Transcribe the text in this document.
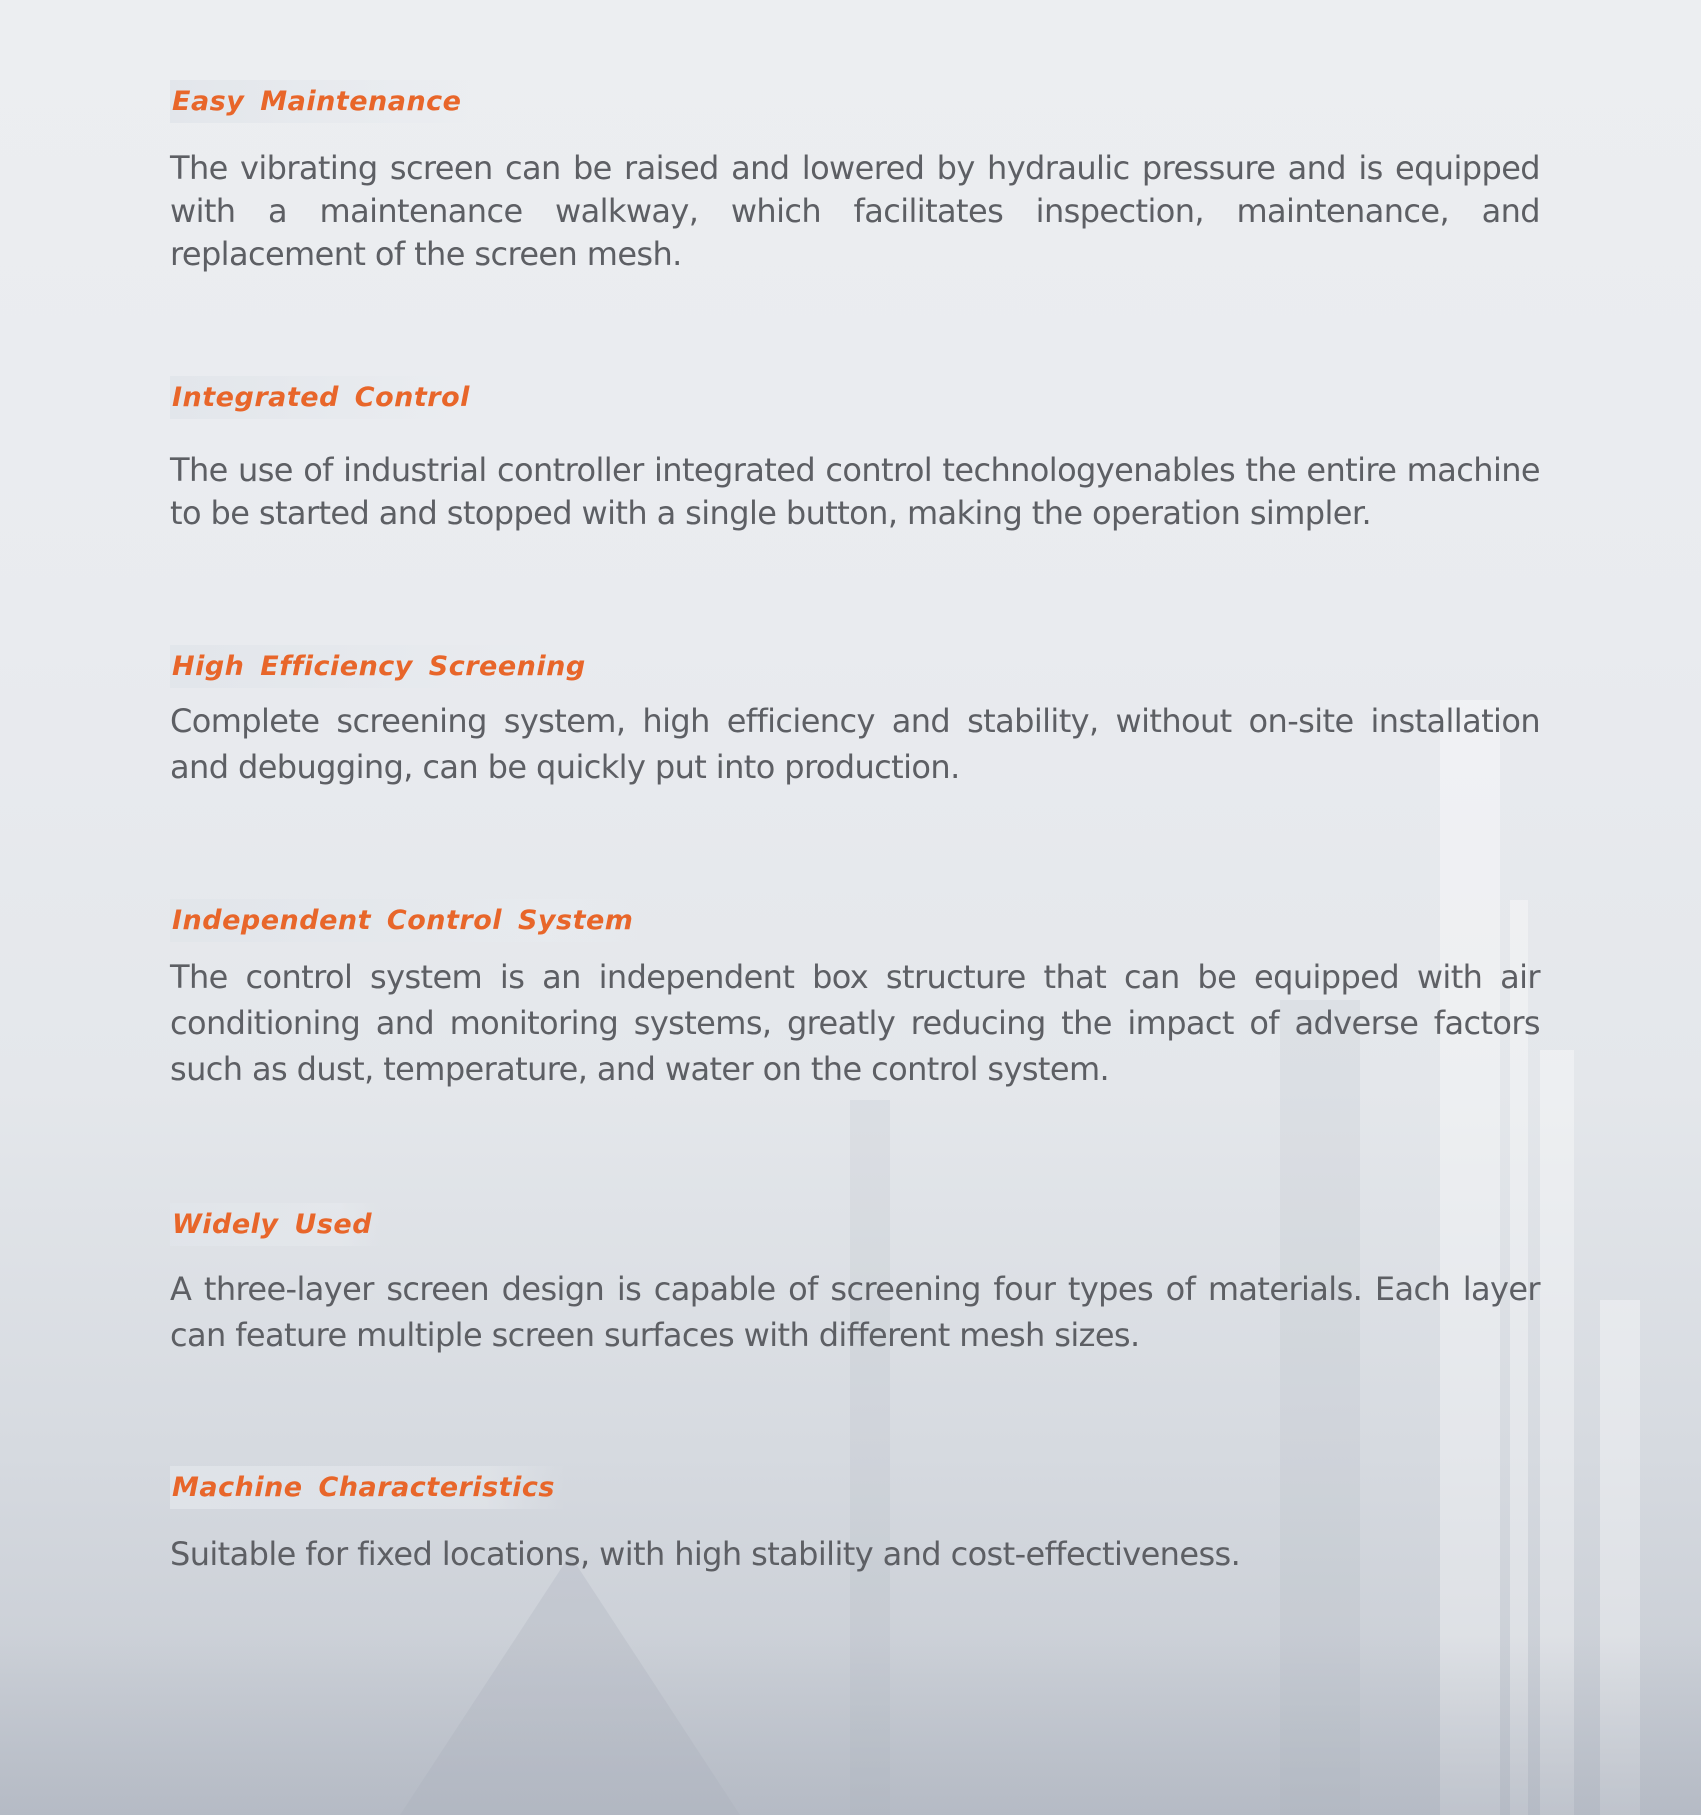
Easy Maintenance

The vibrating screen can be raised and lowered by hydraulic pressure and is equipped with a maintenance walkway, which facilitates inspection, maintenance, and replacement of the screen mesh.

Integrated Control

The use of industrial controller integrated control technologyenables the entire machine to be started and stopped with a single button, making the operation simpler.

High Efficiency Screening

Complete screening system, high efficiency and stability, without on-site installation and debugging, can be quickly put into production.

Independent Control System

The control system is an independent box structure that can be equipped with air conditioning and monitoring systems, greatly reducing the impact of adverse factors such as dust, temperature, and water on the control system.

Widely Used

A three-layer screen design is capable of screening four types of materials. Each layer can feature multiple screen surfaces with different mesh sizes.

Machine Characteristics

Suitable for fixed locations, with high stability and cost-effectiveness.
